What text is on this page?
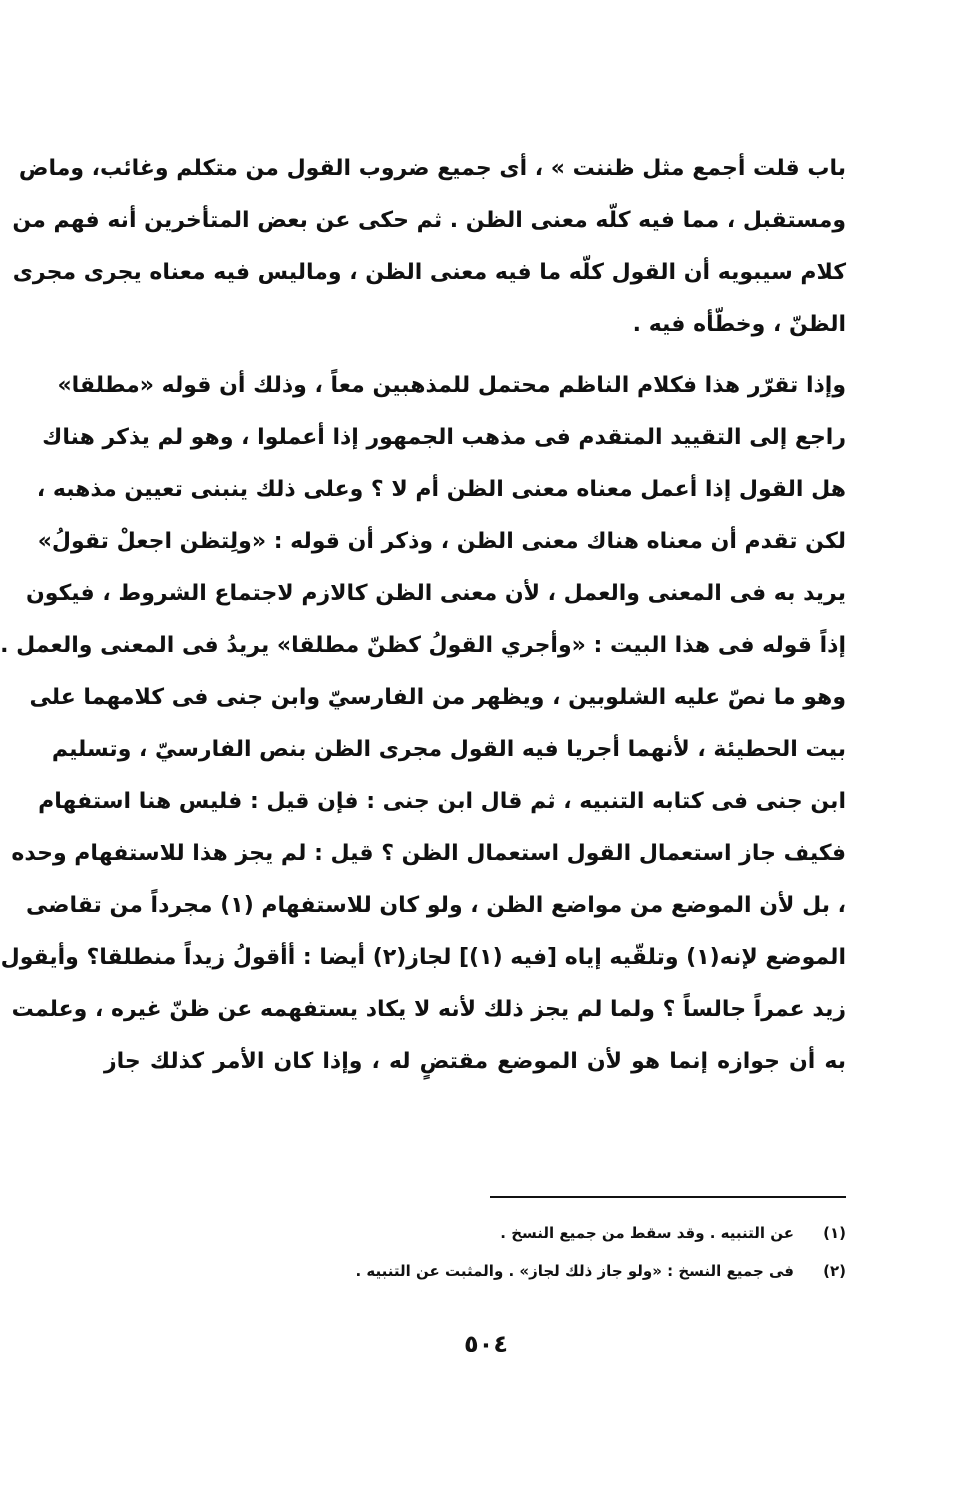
باب قلت أجمع مثل ظننت » ، أى جميع ضروب القول من متكلم وغائب، وماض
ومستقبل ، مما فيه كلّه معنى الظن . ثم حكى عن بعض المتأخرين أنه فهم من
كلام سيبويه أن القول كلّه ما فيه معنى الظن ، وماليس فيه معناه يجرى مجرى
الظنّ ، وخطّأه فيه .
وإذا تقرّر هذا فكلام الناظم محتمل للمذهبين معاً ، وذلك أن قوله «مطلقا»
راجع إلى التقييد المتقدم فى مذهب الجمهور إذا أعملوا ، وهو لم يذكر هناك
هل القول إذا أعمل معناه معنى الظن أم لا ؟ وعلى ذلك ينبنى تعيين مذهبه ،
لكن تقدم أن معناه هناك معنى الظن ، وذكر أن قوله : «ولِتظن اجعلْ تقولُ»
يريد به فى المعنى والعمل ، لأن معنى الظن كالازم لاجتماع الشروط ، فيكون
إذاً قوله فى هذا البيت : «وأجري القولُ كظنّ مطلقا» يريدُ فى المعنى والعمل .
وهو ما نصّ عليه الشلوبين ، ويظهر من الفارسيّ وابن جنى فى كلامهما على
بيت الحطيئة ، لأنهما أجريا فيه القول مجرى الظن بنص الفارسيّ ، وتسليم
ابن جنى فى كتابه التنبيه ، ثم قال ابن جنى : فإن قيل : فليس هنا استفهام
فكيف جاز استعمال القول استعمال الظن ؟ قيل : لم يجز هذا للاستفهام وحده
، بل لأن الموضع من مواضع الظن ، ولو كان للاستفهام (١) مجرداً من تقاضى
الموضع لإنه(١) وتلقّيه إياه [فيه (١)] لجاز(٢) أيضا : أأقولُ زيداً منطلقا؟ وأيقول
زيد عمراً جالساً ؟ ولما لم يجز ذلك لأنه لا يكاد يستفهمه عن ظنّ غيره ، وعلمت
به أن جوازه إنما هو لأن الموضع مقتضٍ له ، وإذا كان الأمر كذلك جاز
(١)
عن التنبيه . وقد سقط من جميع النسخ .
(٢)
فى جميع النسخ : «ولو جاز ذلك لجاز» . والمثبت عن التنبيه .
٥٠٤
